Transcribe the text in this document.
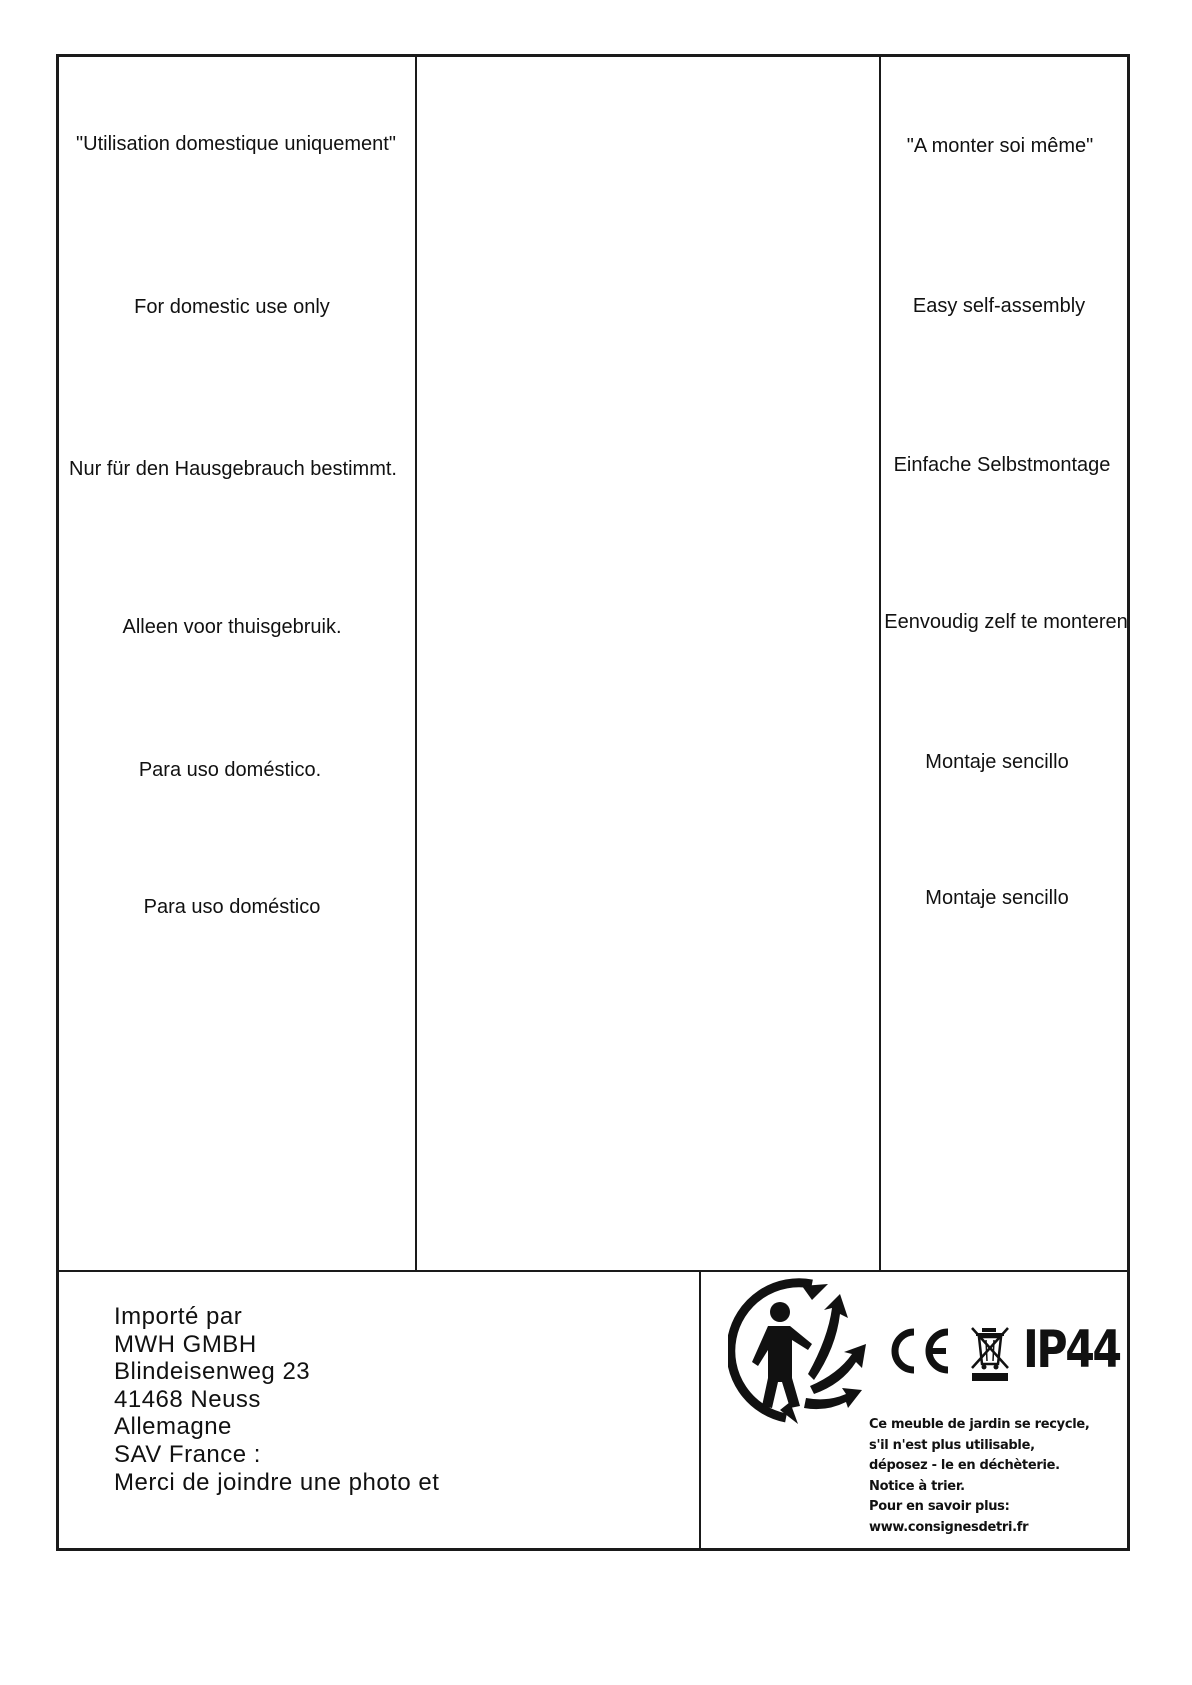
"Utilisation domestique uniquement"
For domestic use only
Nur für den Hausgebrauch bestimmt.
Alleen voor thuisgebruik.
Para uso doméstico.
Para uso doméstico
"A monter soi même"
Easy self-assembly
Einfache Selbstmontage
Eenvoudig zelf te monteren
Montaje sencillo
Montaje sencillo
Importé par
MWH GMBH
Blindeisenweg 23
41468 Neuss
Allemagne
SAV France :
Merci de joindre une photo et
IP44
Ce meuble de jardin se recycle,
s'il n'est plus utilisable,
déposez - le en déchèterie.
Notice à trier.
Pour en savoir plus:
www.consignesdetri.fr
